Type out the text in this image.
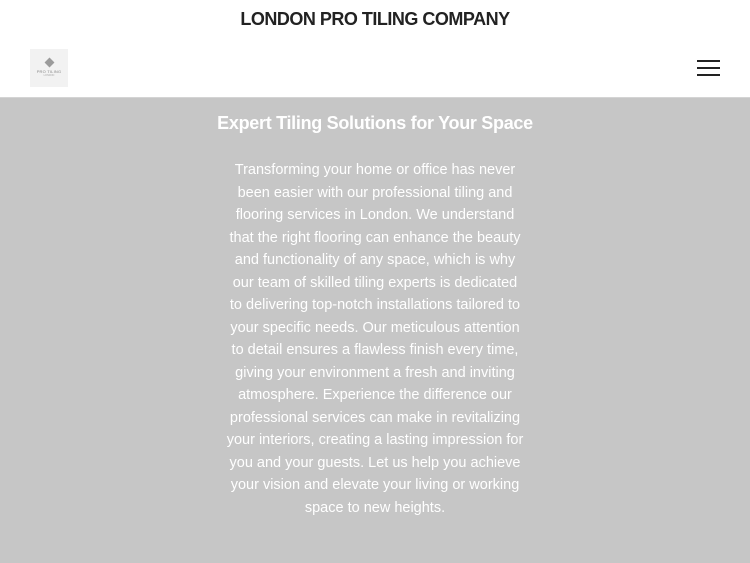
LONDON PRO TILING COMPANY
PRO TILING
LONDON
Expert Tiling Solutions for Your Space

Transforming your home or office has never
been easier with our professional tiling and
flooring services in London. We understand
that the right flooring can enhance the beauty
and functionality of any space, which is why
our team of skilled tiling experts is dedicated
to delivering top-notch installations tailored to
your specific needs. Our meticulous attention
to detail ensures a flawless finish every time,
giving your environment a fresh and inviting
atmosphere. Experience the difference our
professional services can make in revitalizing
your interiors, creating a lasting impression for
you and your guests. Let us help you achieve
your vision and elevate your living or working
space to new heights.
